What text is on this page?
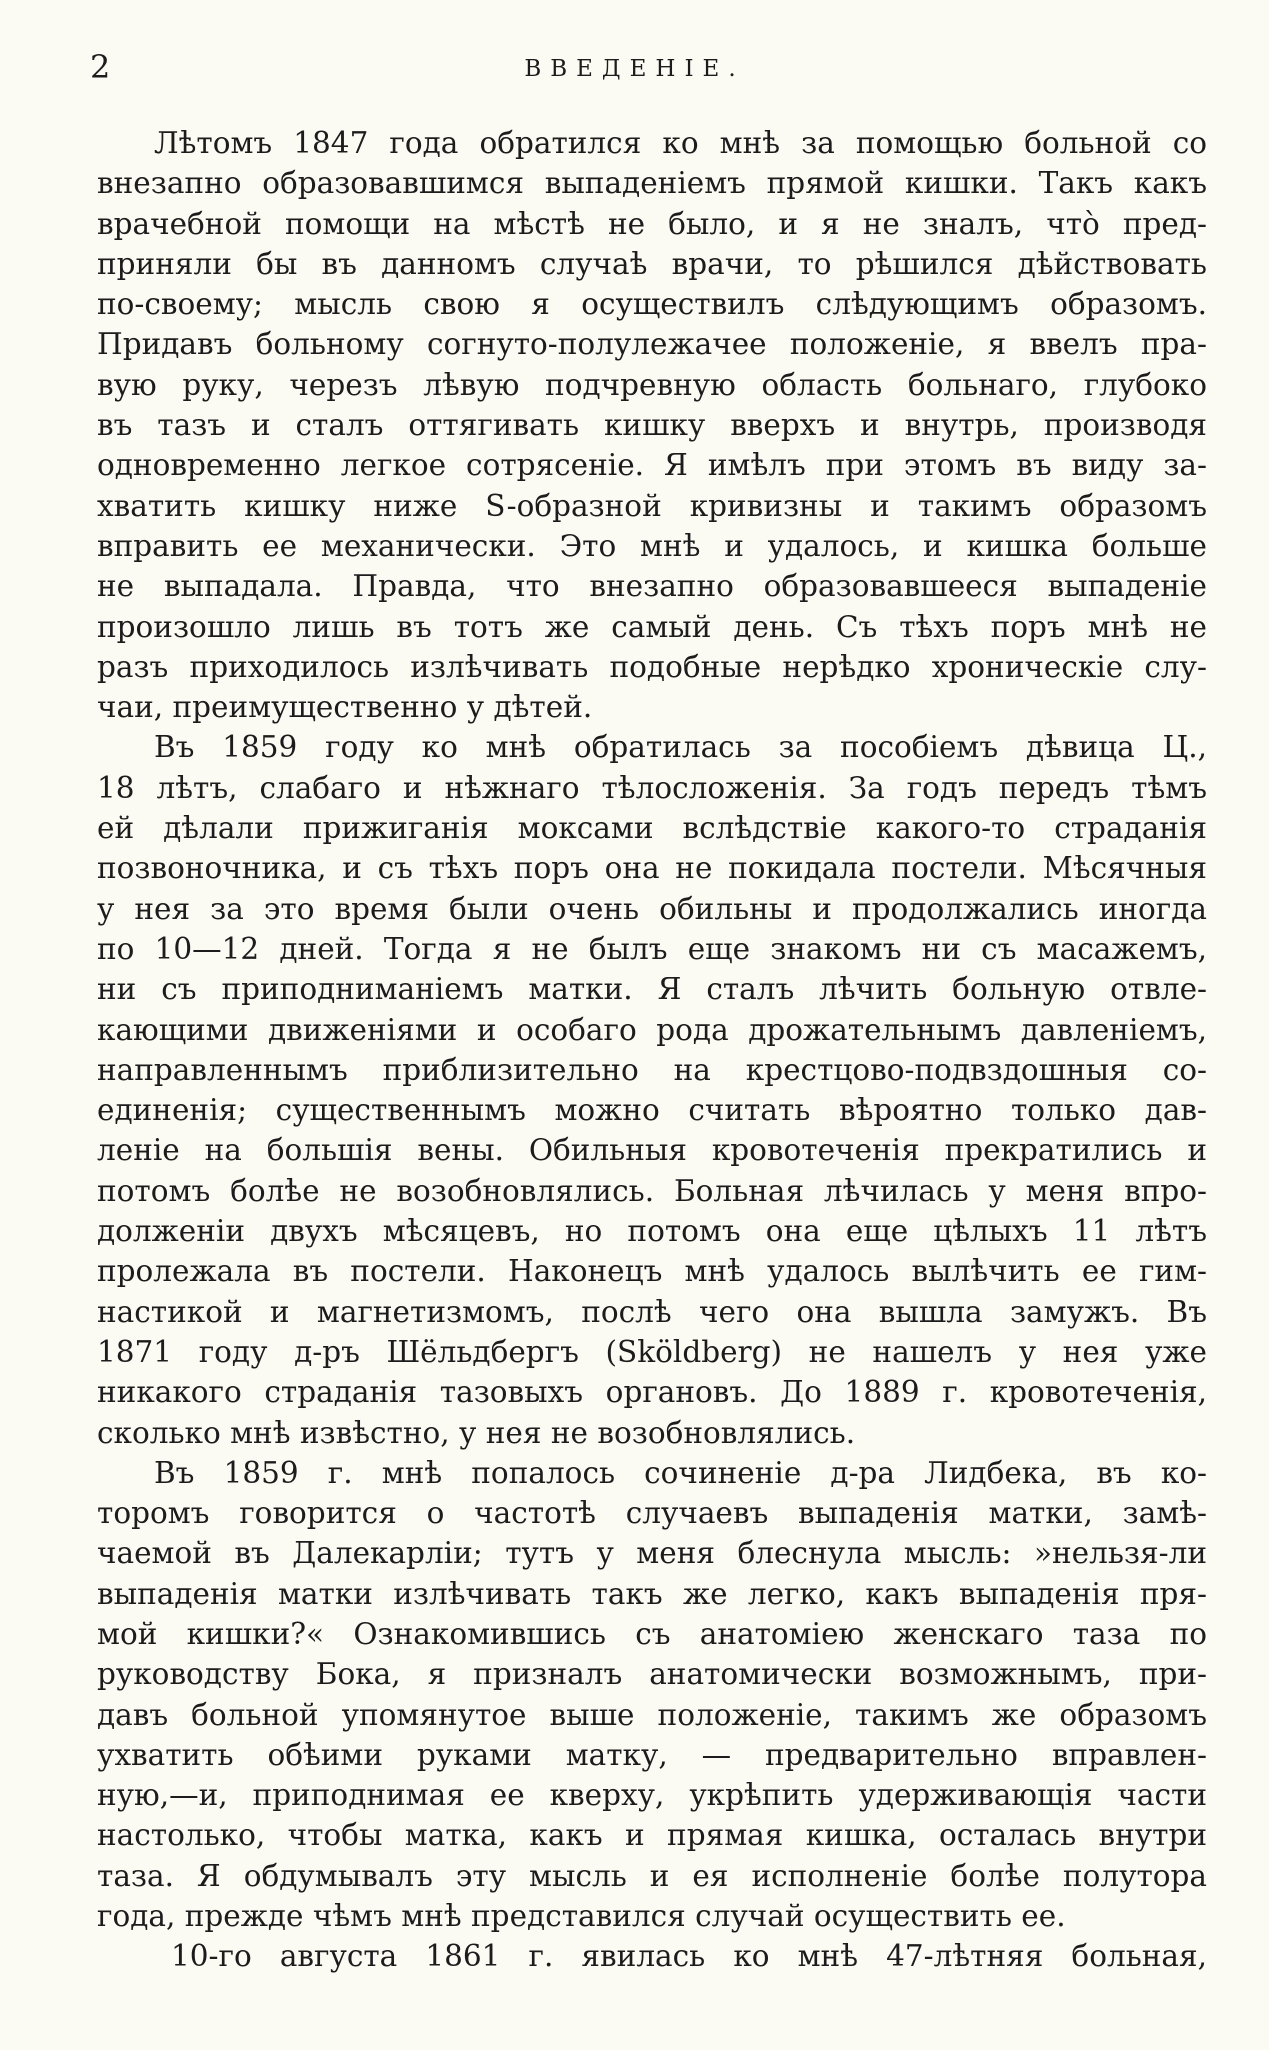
2	ВВЕДЕНІЕ.
Лѣтомъ 1847 года обратился ко мнѣ за помощью больной со
внезапно образовавшимся выпаденіемъ прямой кишки. Такъ какъ
врачебной помощи на мѣстѣ не было, и я не зналъ, чтò пред-
приняли бы въ данномъ случаѣ врачи, то рѣшился дѣйствовать
по-своему; мысль свою я осуществилъ слѣдующимъ образомъ.
Придавъ больному согнуто-полулежачее положеніе, я ввелъ пра-
вую руку, черезъ лѣвую подчревную область больнаго, глубоко
въ тазъ и сталъ оттягивать кишку вверхъ и внутрь, производя
одновременно легкое сотрясеніе. Я имѣлъ при этомъ въ виду за-
хватить кишку ниже S-образной кривизны и такимъ образомъ
вправить ее механически. Это мнѣ и удалось, и кишка больше
не выпадала. Правда, что внезапно образовавшееся выпаденіе
произошло лишь въ тотъ же самый день. Съ тѣхъ поръ мнѣ не
разъ приходилось излѣчивать подобные нерѣдко хроническіе слу-
чаи, преимущественно у дѣтей.
Въ 1859 году ко мнѣ обратилась за пособіемъ дѣвица Ц.,
18 лѣтъ, слабаго и нѣжнаго тѣлосложенія. За годъ передъ тѣмъ
ей дѣлали прижиганія моксами вслѣдствіе какого-то страданія
позвоночника, и съ тѣхъ поръ она не покидала постели. Мѣсячныя
у нея за это время были очень обильны и продолжались иногда
по 10—12 дней. Тогда я не былъ еще знакомъ ни съ масажемъ,
ни съ приподниманіемъ матки. Я сталъ лѣчить больную отвле-
кающими движеніями и особаго рода дрожательнымъ давленіемъ,
направленнымъ приблизительно на крестцово-подвздошныя со-
единенія; существеннымъ можно считать вѣроятно только дав-
леніе на большія вены. Обильныя кровотеченія прекратились и
потомъ болѣе не возобновлялись. Больная лѣчилась у меня впро-
долженіи двухъ мѣсяцевъ, но потомъ она еще цѣлыхъ 11 лѣтъ
пролежала въ постели. Наконецъ мнѣ удалось вылѣчить ее гим-
настикой и магнетизмомъ, послѣ чего она вышла замужъ. Въ
1871 году д-ръ Шёльдбергъ (Sköldberg) не нашелъ у нея уже
никакого страданія тазовыхъ органовъ. До 1889 г. кровотеченія,
сколько мнѣ извѣстно, у нея не возобновлялись.
Въ 1859 г. мнѣ попалось сочиненіе д-ра Лидбека, въ ко-
торомъ говорится о частотѣ случаевъ выпаденія матки, замѣ-
чаемой въ Далекарліи; тутъ у меня блеснула мысль: »нельзя-ли
выпаденія матки излѣчивать такъ же легко, какъ выпаденія пря-
мой кишки?« Ознакомившись съ анатоміею женскаго таза по
руководству Бока, я призналъ анатомически возможнымъ, при-
давъ больной упомянутое выше положеніе, такимъ же образомъ
ухватить обѣими руками матку, — предварительно вправлен-
ную,—и, приподнимая ее кверху, укрѣпить удерживающія части
настолько, чтобы матка, какъ и прямая кишка, осталась внутри
таза. Я обдумывалъ эту мысль и ея исполненіе болѣе полутора
года, прежде чѣмъ мнѣ представился случай осуществить ее.
10-го августа 1861 г. явилась ко мнѣ 47-лѣтняя больная,
